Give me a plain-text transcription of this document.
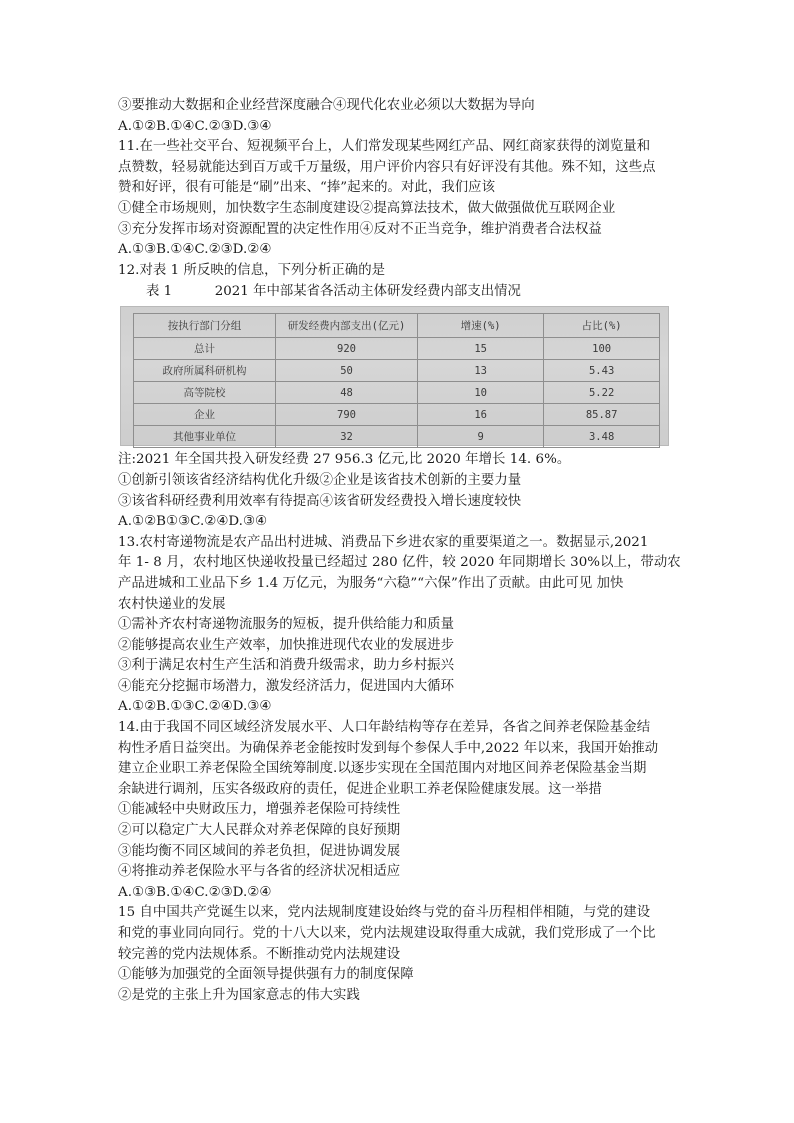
③要推动大数据和企业经营深度融合④现代化农业必须以大数据为导向
A.①②B.①④C.②③D.③④
11.在一些社交平台、短视频平台上，人们常发现某些网红产品、网红商家获得的浏览量和
点赞数，轻易就能达到百万或千万量级，用户评价内容只有好评没有其他。殊不知，这些点
赞和好评，很有可能是“刷”出来、“捧”起来的。对此，我们应该
①健全市场规则，加快数字生态制度建设②提高算法技术，做大做强做优互联网企业
③充分发挥市场对资源配置的决定性作用④反对不正当竞争，维护消费者合法权益
A.①③B.①④C.②③D.②④
12.对表 1 所反映的信息，下列分析正确的是
表 1          2021 年中部某省各活动主体研发经费内部支出情况
按执行部门分组	研发经费内部支出(亿元)	增速(%)	占比(%)
总计	920	15	100
政府所属科研机构	50	13	5.43
高等院校	48	10	5.22
企业	790	16	85.87
其他事业单位	32	9	3.48
注:2021 年全国共投入研发经费 27 956.3 亿元,比 2020 年增长 14. 6%。
①创新引领该省经济结构优化升级②企业是该省技术创新的主要力量
③该省科研经费利用效率有待提高④该省研发经费投入增长速度较快
A.①②B①③C.②④D.③④
13.农村寄递物流是农产品出村进城、消费品下乡进农家的重要渠道之一。数据显示,2021
年 1- 8 月，农村地区快递收投量已经超过 280 亿件，较 2020 年同期增长 30%以上，带动农
产品进城和工业品下乡 1.4 万亿元，为服务“六稳”“六保”作出了贡献。由此可见 加快
农村快递业的发展
①需补齐农村寄递物流服务的短板，提升供给能力和质量
②能够提高农业生产效率，加快推进现代农业的发展进步
③利于满足农村生产生活和消费升级需求，助力乡村振兴
④能充分挖掘市场潜力，激发经济活力，促进国内大循环
A.①②B.①③C.②④D.③④
14.由于我国不同区域经济发展水平、人口年龄结构等存在差异，各省之间养老保险基金结
构性矛盾日益突出。为确保养老金能按时发到每个参保人手中,2022 年以来，我国开始推动
建立企业职工养老保险全国统筹制度.以逐步实现在全国范围内对地区间养老保险基金当期
余缺进行调剂，压实各级政府的责任，促进企业职工养老保险健康发展。这一举措
①能减轻中央财政压力，增强养老保险可持续性
②可以稳定广大人民群众对养老保障的良好预期
③能均衡不同区域间的养老负担，促进协调发展
④将推动养老保险水平与各省的经济状况相适应
A.①③B.①④C.②③D.②④
15 自中国共产党诞生以来，党内法规制度建设始终与党的奋斗历程相伴相随，与党的建设
和党的事业同向同行。党的十八大以来，党内法规建设取得重大成就，我们党形成了一个比
较完善的党内法规体系。不断推动党内法规建设
①能够为加强党的全面领导提供强有力的制度保障
②是党的主张上升为国家意志的伟大实践
